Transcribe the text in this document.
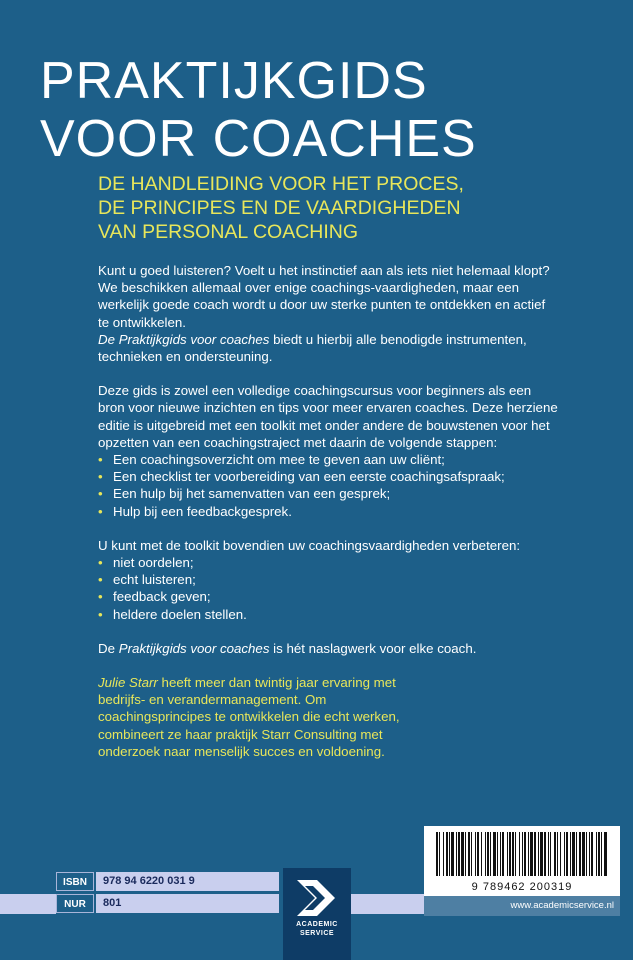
PRAKTIJKGIDS
VOOR COACHES
DE HANDLEIDING VOOR HET PROCES,
DE PRINCIPES EN DE VAARDIGHEDEN
VAN PERSONAL COACHING

Kunt u goed luisteren? Voelt u het instinctief aan als iets niet helemaal klopt? We beschikken allemaal over enige coachings-vaardigheden, maar een werkelijk goede coach wordt u door uw sterke punten te ontdekken en actief te ontwikkelen.
De Praktijkgids voor coaches biedt u hierbij alle benodigde instrumenten, technieken en ondersteuning.

Deze gids is zowel een volledige coachingscursus voor beginners als een bron voor nieuwe inzichten en tips voor meer ervaren coaches. Deze herziene editie is uitgebreid met een toolkit met onder andere de bouwstenen voor het opzetten van een coachingstraject met daarin de volgende stappen:

• Een coachingsoverzicht om mee te geven aan uw cliënt;
• Een checklist ter voorbereiding van een eerste coachingsafspraak;
• Een hulp bij het samenvatten van een gesprek;
• Hulp bij een feedbackgesprek.

U kunt met de toolkit bovendien uw coachingsvaardigheden verbeteren:

• niet oordelen;
• echt luisteren;
• feedback geven;
• heldere doelen stellen.

De Praktijkgids voor coaches is hét naslagwerk voor elke coach.

Julie Starr heeft meer dan twintig jaar ervaring met bedrijfs- en verandermanagement. Om coachingsprincipes te ontwikkelen die echt werken, combineert ze haar praktijk Starr Consulting met onderzoek naar menselijk succes en voldoening.

ISBN	978 94 6220 031 9
NUR	801
ACADEMIC SERVICE
9 789462 200319
www.academicservice.nl
